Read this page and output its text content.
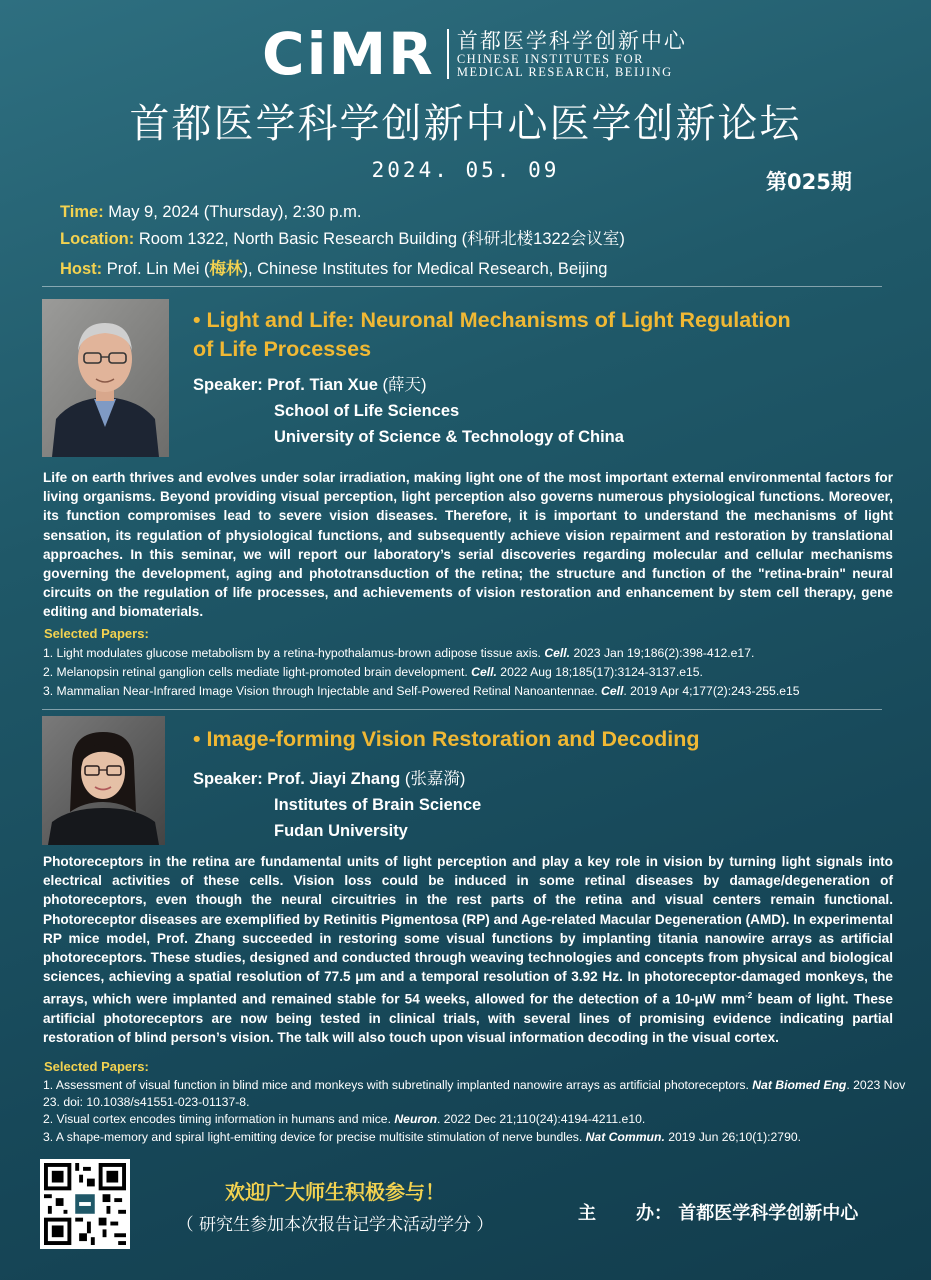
CiMR 首都医学科学创新中心
CHINESE INSTITUTES FOR
MEDICAL RESEARCH, BEIJING
首都医学科学创新中心医学创新论坛
2024. 05. 09	第025期
Time: May 9, 2024 (Thursday), 2:30 p.m.
Location: Room 1322, North Basic Research Building (科研北楼1322会议室)
Host: Prof. Lin Mei (梅林), Chinese Institutes for Medical Research, Beijing
• Light and Life: Neuronal Mechanisms of Light Regulation
of Life Processes
Speaker: Prof. Tian Xue (薛天)
School of Life Sciences
University of Science & Technology of China
Life on earth thrives and evolves under solar irradiation, making light one of the most important external environmental factors for living organisms. Beyond providing visual perception, light perception also governs numerous physiological functions. Moreover, its function compromises lead to severe vision diseases. Therefore, it is important to understand the mechanisms of light sensation, its regulation of physiological functions, and subsequently achieve vision repairment and restoration by translational approaches. In this seminar, we will report our laboratory’s serial discoveries regarding molecular and cellular mechanisms governing the development, aging and phototransduction of the retina; the structure and function of the "retina-brain" neural circuits on the regulation of life processes, and achievements of vision restoration and enhancement by stem cell therapy, gene editing and biomaterials.
Selected Papers:
1. Light modulates glucose metabolism by a retina-hypothalamus-brown adipose tissue axis. Cell. 2023 Jan 19;186(2):398-412.e17.
2. Melanopsin retinal ganglion cells mediate light-promoted brain development. Cell. 2022 Aug 18;185(17):3124-3137.e15.
3. Mammalian Near-Infrared Image Vision through Injectable and Self-Powered Retinal Nanoantennae. Cell. 2019 Apr 4;177(2):243-255.e15
• Image-forming Vision Restoration and Decoding
Speaker: Prof. Jiayi Zhang (张嘉漪)
Institutes of Brain Science
Fudan University
Photoreceptors in the retina are fundamental units of light perception and play a key role in vision by turning light signals into electrical activities of these cells. Vision loss could be induced in some retinal diseases by damage/degeneration of photoreceptors, even though the neural circuitries in the rest parts of the retina and visual centers remain functional. Photoreceptor diseases are exemplified by Retinitis Pigmentosa (RP) and Age-related Macular Degeneration (AMD). In experimental RP mice model, Prof. Zhang succeeded in restoring some visual functions by implanting titania nanowire arrays as artificial photoreceptors. These studies, designed and conducted through weaving technologies and concepts from physical and biological sciences, achieving a spatial resolution of 77.5 μm and a temporal resolution of 3.92 Hz. In photoreceptor-damaged monkeys, the arrays, which were implanted and remained stable for 54 weeks, allowed for the detection of a 10-μW $mm^{-2}$ beam of light. These artificial photoreceptors are now being tested in clinical trials, with several lines of promising evidence indicating partial restoration of blind person’s vision. The talk will also touch upon visual information decoding in the visual cortex.
Selected Papers:
1. Assessment of visual function in blind mice and monkeys with subretinally implanted nanowire arrays as artificial photoreceptors. Nat Biomed Eng. 2023 Nov 23. doi: 10.1038/s41551-023-01137-8.
2. Visual cortex encodes timing information in humans and mice. Neuron. 2022 Dec 21;110(24):4194-4211.e10.
3. A shape-memory and spiral light-emitting device for precise multisite stimulation of nerve bundles. Nat Commun. 2019 Jun 26;10(1):2790.
欢迎广大师生积极参与！
（ 研究生参加本次报告记学术活动学分 ）
主 办： 首都医学科学创新中心
